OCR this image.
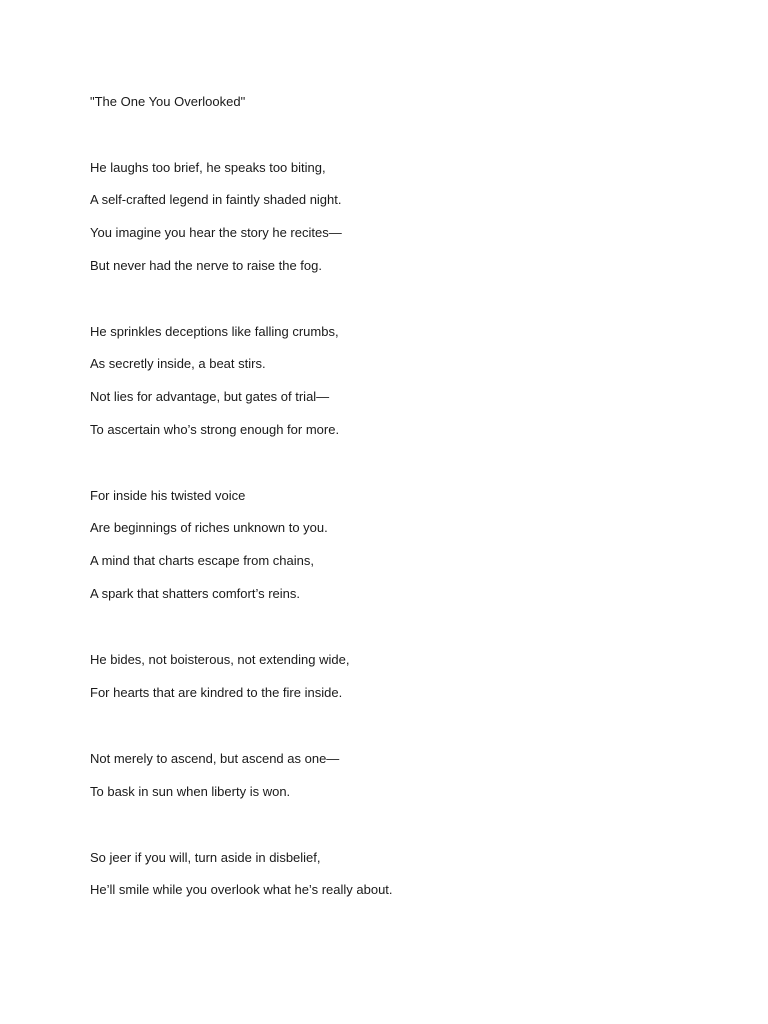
"The One You Overlooked"
He laughs too brief, he speaks too biting,
A self-crafted legend in faintly shaded night.
You imagine you hear the story he recites—
But never had the nerve to raise the fog.
He sprinkles deceptions like falling crumbs,
As secretly inside, a beat stirs.
Not lies for advantage, but gates of trial—
To ascertain who’s strong enough for more.
For inside his twisted voice
Are beginnings of riches unknown to you.
A mind that charts escape from chains,
A spark that shatters comfort’s reins.
He bides, not boisterous, not extending wide,
For hearts that are kindred to the fire inside.
Not merely to ascend, but ascend as one—
To bask in sun when liberty is won.
So jeer if you will, turn aside in disbelief,
He’ll smile while you overlook what he’s really about.
